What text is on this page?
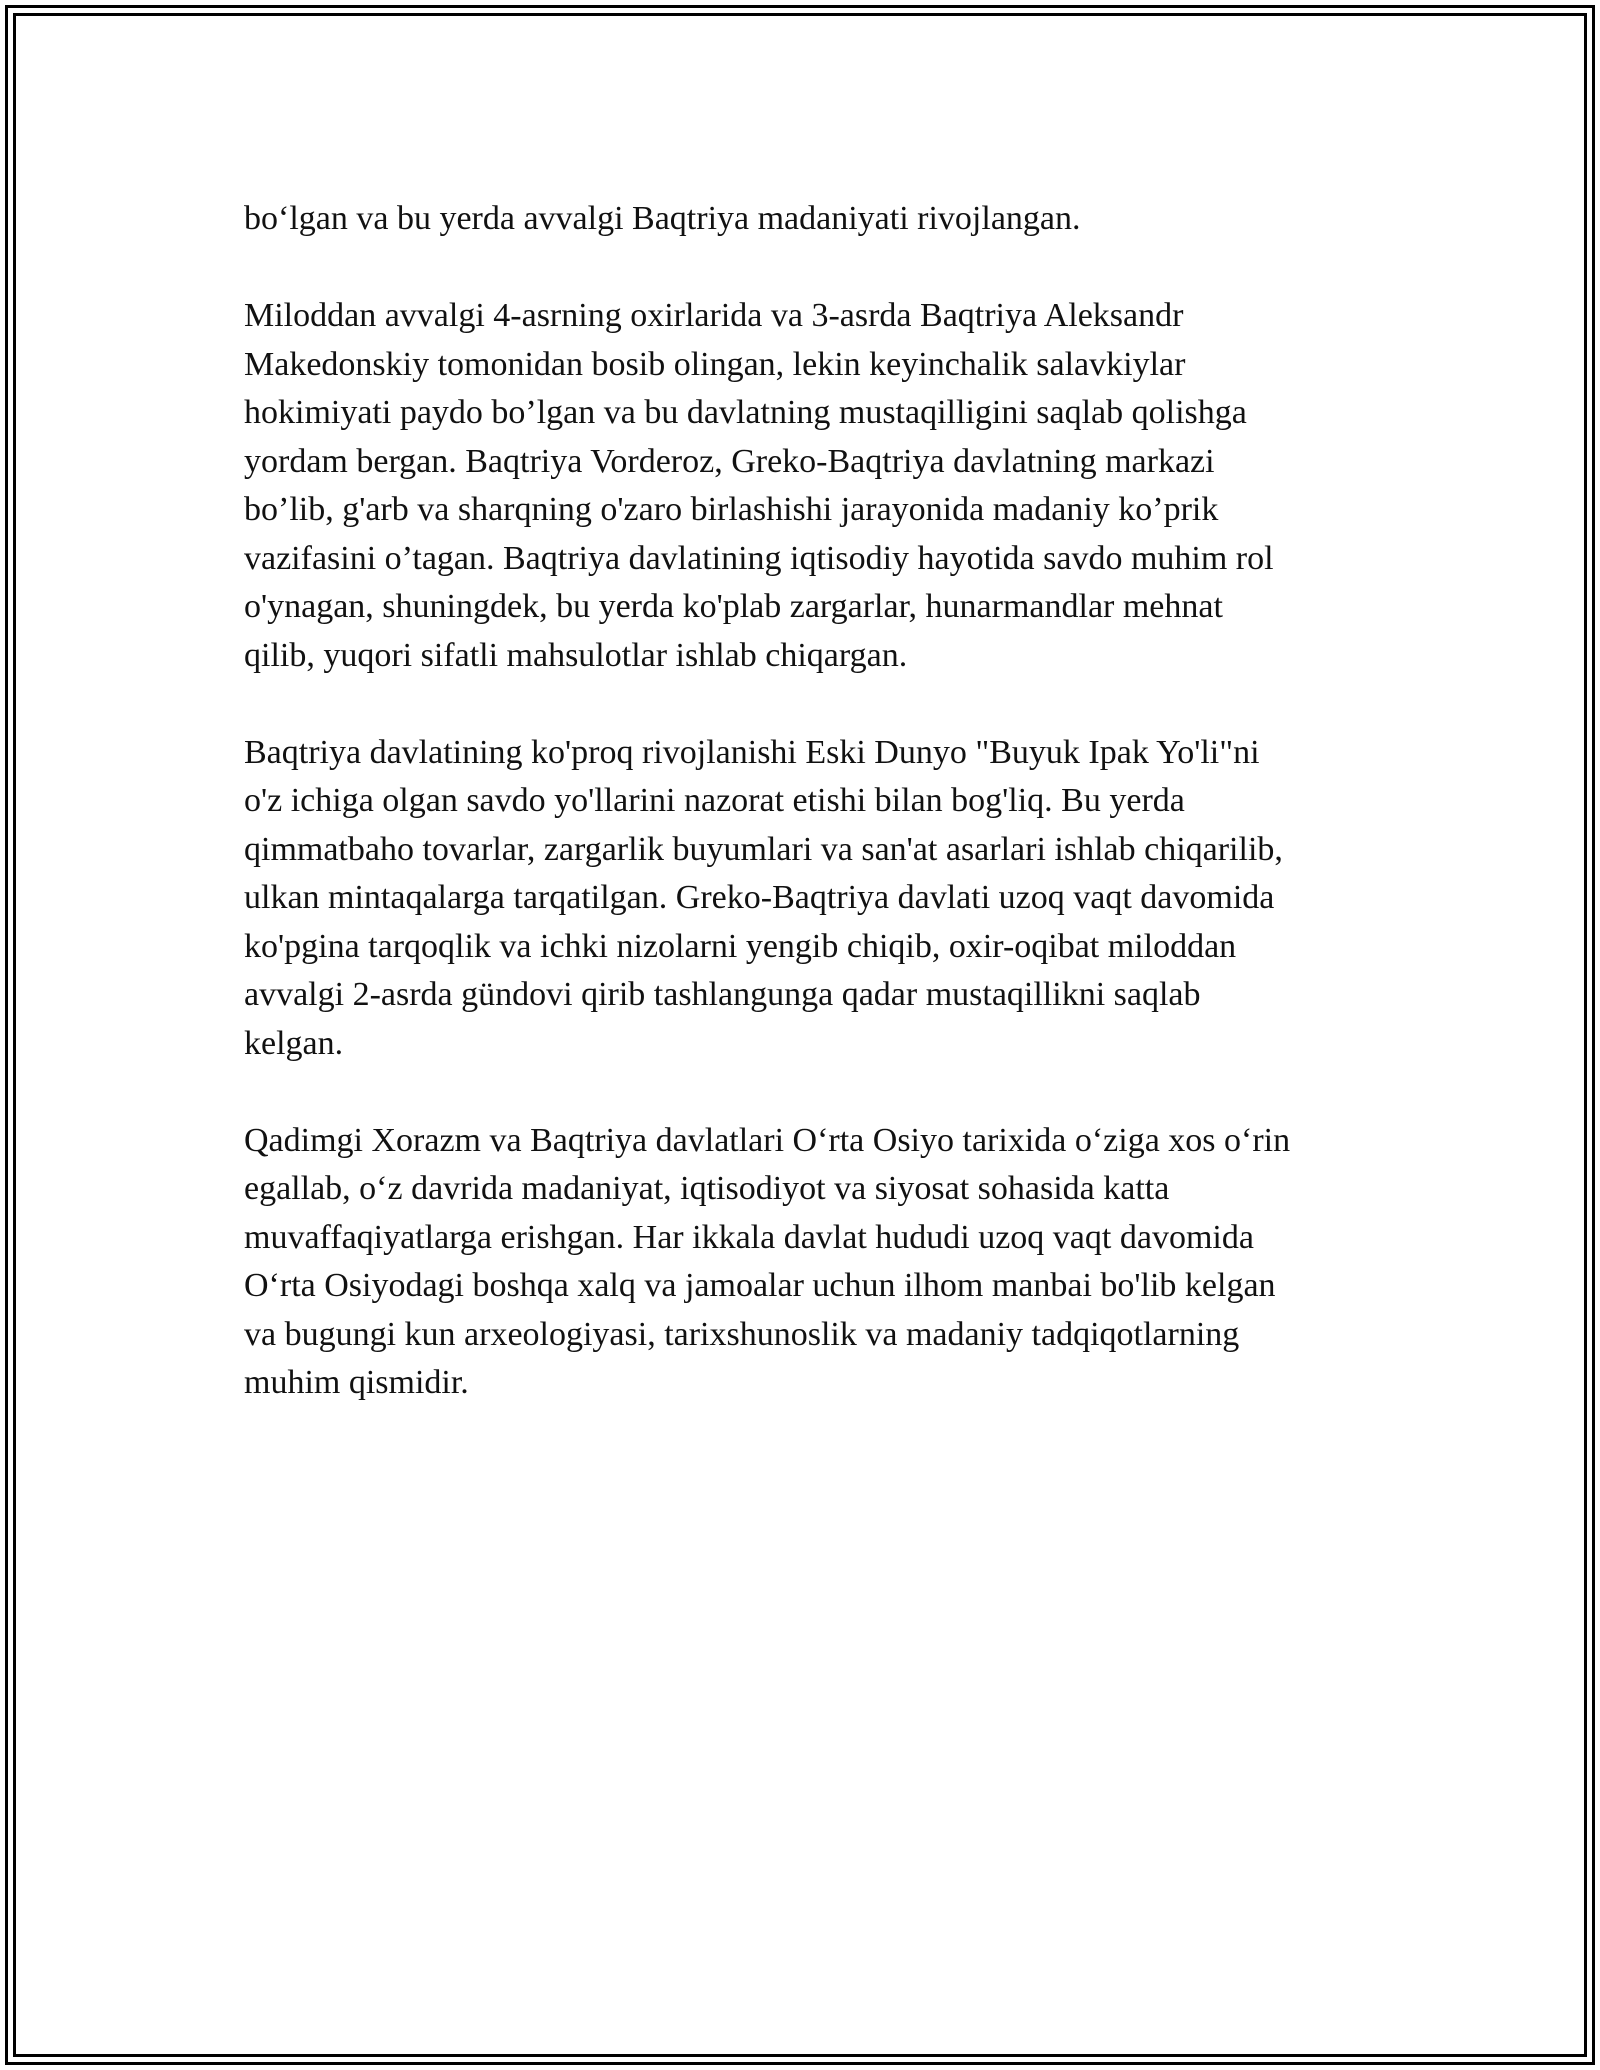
bo‘lgan va bu yerda avvalgi Baqtriya madaniyati rivojlangan.

Miloddan avvalgi 4-asrning oxirlarida va 3-asrda Baqtriya Aleksandr
Makedonskiy tomonidan bosib olingan, lekin keyinchalik salavkiylar
hokimiyati paydo bo’lgan va bu davlatning mustaqilligini saqlab qolishga
yordam bergan. Baqtriya Vorderoz, Greko-Baqtriya davlatning markazi
bo’lib, g'arb va sharqning o'zaro birlashishi jarayonida madaniy ko’prik
vazifasini o’tagan. Baqtriya davlatining iqtisodiy hayotida savdo muhim rol
o'ynagan, shuningdek, bu yerda ko'plab zargarlar, hunarmandlar mehnat
qilib, yuqori sifatli mahsulotlar ishlab chiqargan.

Baqtriya davlatining ko'proq rivojlanishi Eski Dunyo "Buyuk Ipak Yo'li"ni
o'z ichiga olgan savdo yo'llarini nazorat etishi bilan bog'liq. Bu yerda
qimmatbaho tovarlar, zargarlik buyumlari va san'at asarlari ishlab chiqarilib,
ulkan mintaqalarga tarqatilgan. Greko-Baqtriya davlati uzoq vaqt davomida
ko'pgina tarqoqlik va ichki nizolarni yengib chiqib, oxir-oqibat miloddan
avvalgi 2-asrda gündovi qirib tashlangunga qadar mustaqillikni saqlab
kelgan.

Qadimgi Xorazm va Baqtriya davlatlari O‘rta Osiyo tarixida o‘ziga xos o‘rin
egallab, o‘z davrida madaniyat, iqtisodiyot va siyosat sohasida katta
muvaffaqiyatlarga erishgan. Har ikkala davlat hududi uzoq vaqt davomida
O‘rta Osiyodagi boshqa xalq va jamoalar uchun ilhom manbai bo'lib kelgan
va bugungi kun arxeologiyasi, tarixshunoslik va madaniy tadqiqotlarning
muhim qismidir.
